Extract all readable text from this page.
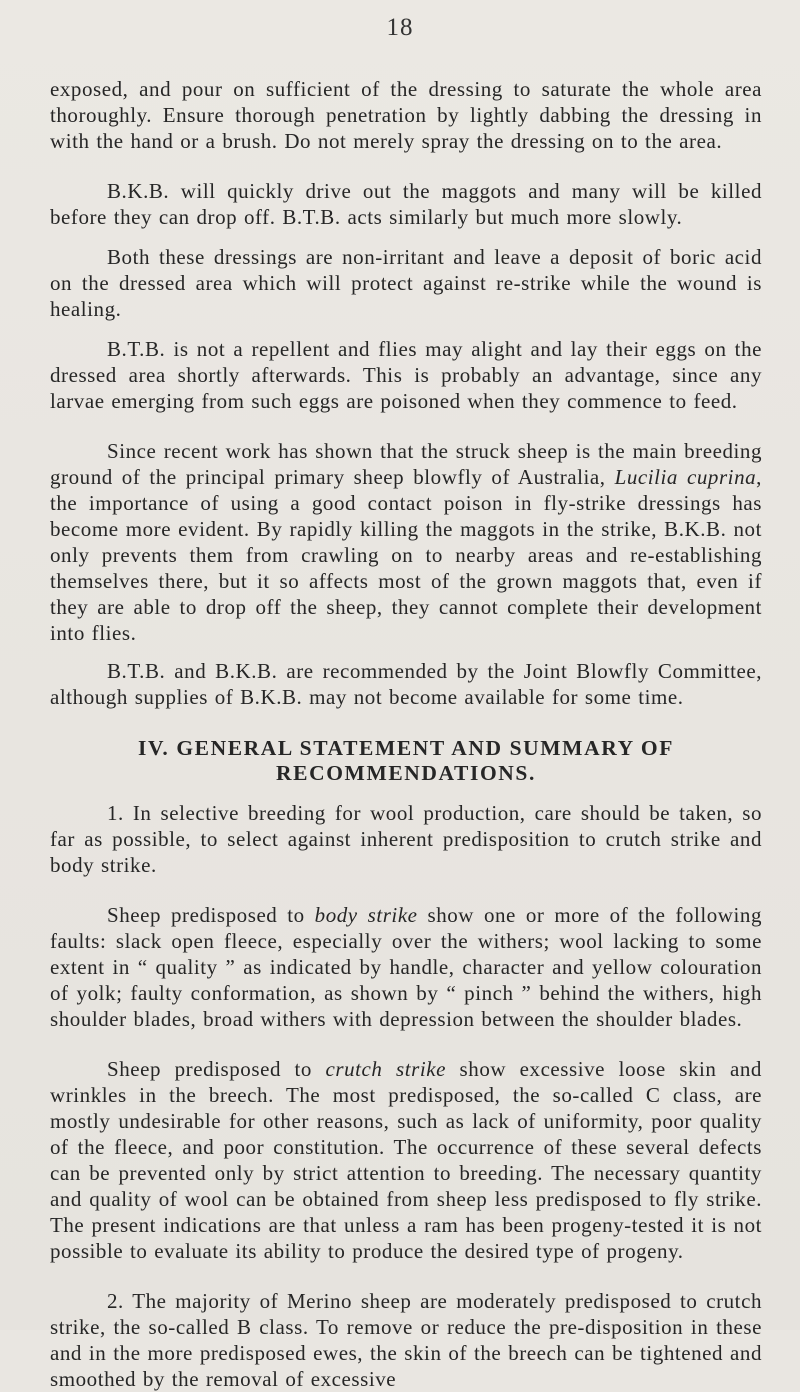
18

exposed, and pour on sufficient of the dressing to saturate the whole area thoroughly. Ensure thorough penetration by lightly dabbing the dressing in with the hand or a brush. Do not merely spray the dressing on to the area.

B.K.B. will quickly drive out the maggots and many will be killed before they can drop off. B.T.B. acts similarly but much more slowly.

Both these dressings are non-irritant and leave a deposit of boric acid on the dressed area which will protect against re-strike while the wound is healing.

B.T.B. is not a repellent and flies may alight and lay their eggs on the dressed area shortly afterwards. This is probably an advantage, since any larvae emerging from such eggs are poisoned when they commence to feed.

Since recent work has shown that the struck sheep is the main breeding ground of the principal primary sheep blowfly of Australia, Lucilia cuprina, the importance of using a good contact poison in fly-strike dressings has become more evident. By rapidly killing the maggots in the strike, B.K.B. not only prevents them from crawling on to nearby areas and re-establishing themselves there, but it so affects most of the grown maggots that, even if they are able to drop off the sheep, they cannot complete their development into flies.

B.T.B. and B.K.B. are recommended by the Joint Blowfly Committee, although supplies of B.K.B. may not become available for some time.

IV. GENERAL STATEMENT AND SUMMARY OF
RECOMMENDATIONS.

1. In selective breeding for wool production, care should be taken, so far as possible, to select against inherent predisposition to crutch strike and body strike.

Sheep predisposed to body strike show one or more of the following faults: slack open fleece, especially over the withers; wool lacking to some extent in “ quality ” as indicated by handle, character and yellow colouration of yolk; faulty conformation, as shown by “ pinch ” behind the withers, high shoulder blades, broad withers with depression between the shoulder blades.

Sheep predisposed to crutch strike show excessive loose skin and wrinkles in the breech. The most predisposed, the so-called C class, are mostly undesirable for other reasons, such as lack of uniformity, poor quality of the fleece, and poor constitution. The occurrence of these several defects can be prevented only by strict attention to breeding. The necessary quantity and quality of wool can be obtained from sheep less predisposed to fly strike. The present indications are that unless a ram has been progeny-tested it is not possible to evaluate its ability to produce the desired type of progeny.

2. The majority of Merino sheep are moderately predisposed to crutch strike, the so-called B class. To remove or reduce the pre-disposition in these and in the more predisposed ewes, the skin of the breech can be tightened and smoothed by the removal of excessive
